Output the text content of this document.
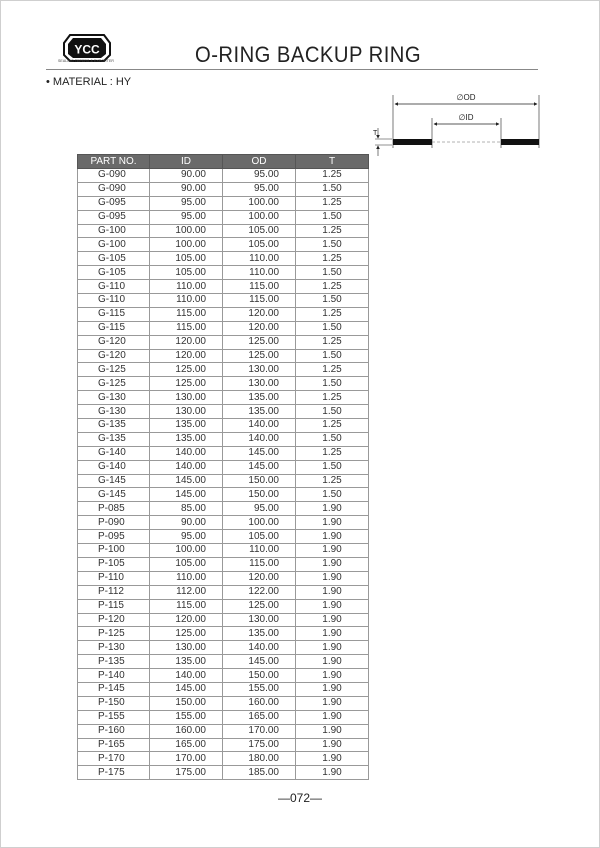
YCC
SEALING TEPERS & EXPORTER	O-RING BACKUP RING
• MATERIAL : HY
∅OD
∅ID
T
PART NO.	ID	OD	T
G-090	90.00	95.00	1.25
G-090	90.00	95.00	1.50
G-095	95.00	100.00	1.25
G-095	95.00	100.00	1.50
G-100	100.00	105.00	1.25
G-100	100.00	105.00	1.50
G-105	105.00	110.00	1.25
G-105	105.00	110.00	1.50
G-110	110.00	115.00	1.25
G-110	110.00	115.00	1.50
G-115	115.00	120.00	1.25
G-115	115.00	120.00	1.50
G-120	120.00	125.00	1.25
G-120	120.00	125.00	1.50
G-125	125.00	130.00	1.25
G-125	125.00	130.00	1.50
G-130	130.00	135.00	1.25
G-130	130.00	135.00	1.50
G-135	135.00	140.00	1.25
G-135	135.00	140.00	1.50
G-140	140.00	145.00	1.25
G-140	140.00	145.00	1.50
G-145	145.00	150.00	1.25
G-145	145.00	150.00	1.50
P-085	85.00	95.00	1.90
P-090	90.00	100.00	1.90
P-095	95.00	105.00	1.90
P-100	100.00	110.00	1.90
P-105	105.00	115.00	1.90
P-110	110.00	120.00	1.90
P-112	112.00	122.00	1.90
P-115	115.00	125.00	1.90
P-120	120.00	130.00	1.90
P-125	125.00	135.00	1.90
P-130	130.00	140.00	1.90
P-135	135.00	145.00	1.90
P-140	140.00	150.00	1.90
P-145	145.00	155.00	1.90
P-150	150.00	160.00	1.90
P-155	155.00	165.00	1.90
P-160	160.00	170.00	1.90
P-165	165.00	175.00	1.90
P-170	170.00	180.00	1.90
P-175	175.00	185.00	1.90
—072—
